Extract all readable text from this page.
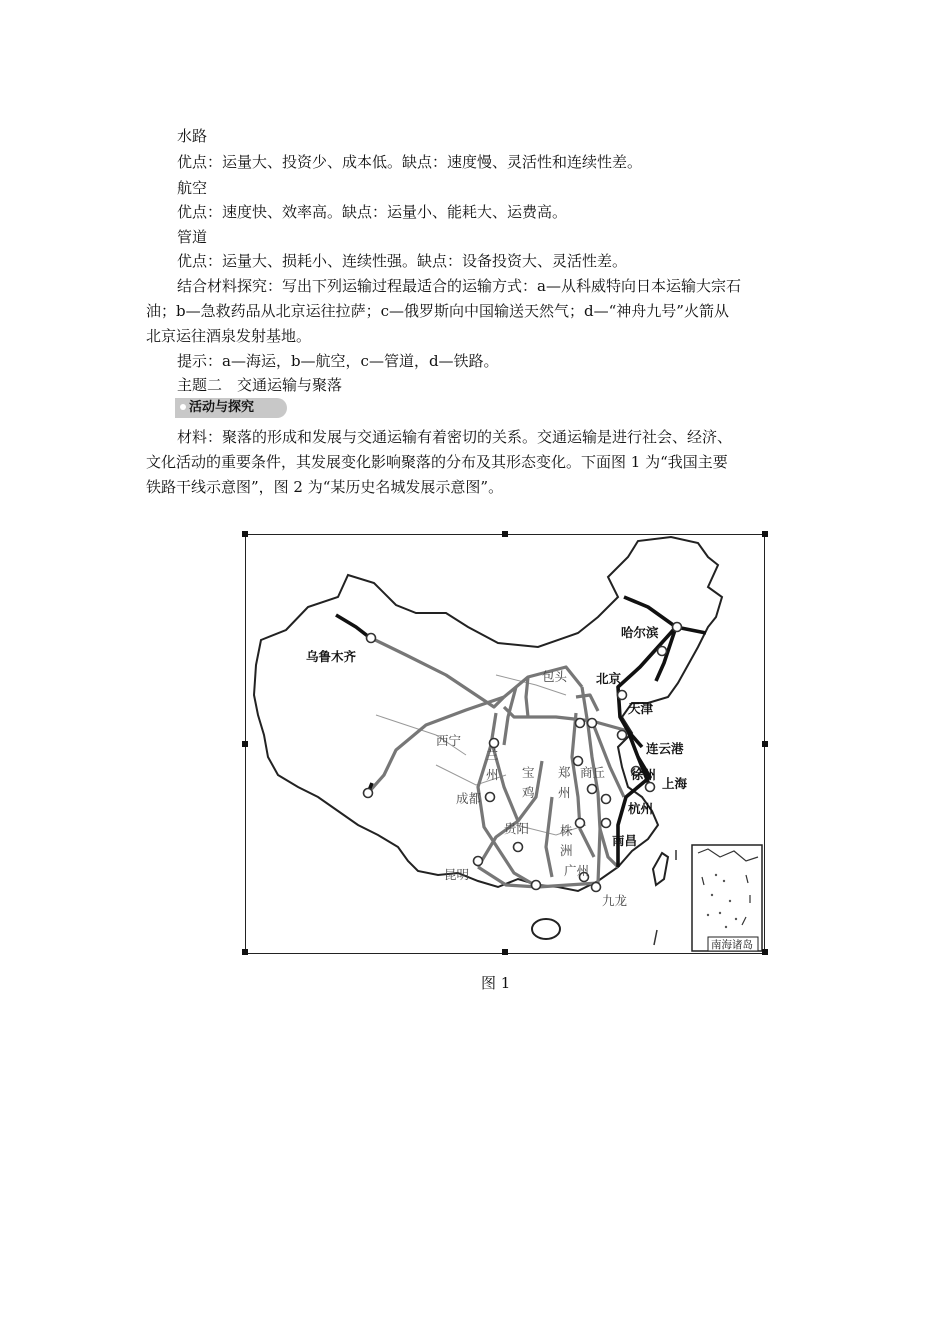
水路
优点：运量大、投资少、成本低。缺点：速度慢、灵活性和连续性差。
航空
优点：速度快、效率高。缺点：运量小、能耗大、运费高。
管道
优点：运量大、损耗小、连续性强。缺点：设备投资大、灵活性差。
结合材料探究：写出下列运输过程最适合的运输方式：a—从科威特向日本运输大宗石
油；b—急救药品从北京运往拉萨；c—俄罗斯向中国输送天然气；d—“神舟九号”火箭从
北京运往酒泉发射基地。
提示：a—海运，b—航空，c—管道，d—铁路。
主题二　交通运输与聚落
活动与探究
材料：聚落的形成和发展与交通运输有着密切的关系。交通运输是进行社会、经济、
文化活动的重要条件，其发展变化影响聚落的分布及其形态变化。下面图 1 为“我国主要
铁路干线示意图”，图 2 为“某历史名城发展示意图”。
乌鲁木齐
哈尔滨
包头 北京
天津
西宁
兰
州 宝
鸡
郑
州
商丘
连云港
徐州
上海
成都
杭州
贵阳 株
洲
南昌
昆明	广州
九龙
南海诸岛
图 1
